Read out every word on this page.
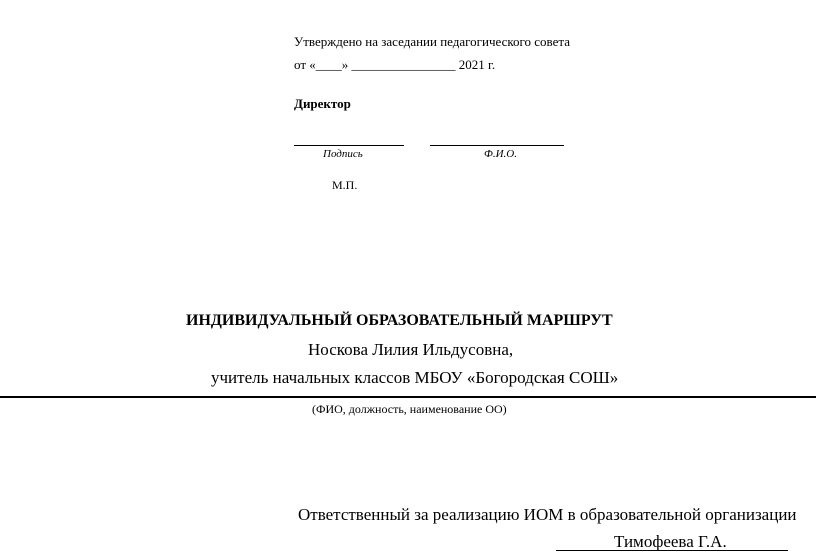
Утверждено на заседании педагогического совета
от «____» ________________ 2021 г.
Директор
Подпись	Ф.И.О.
М.П.
ИНДИВИДУАЛЬНЫЙ ОБРАЗОВАТЕЛЬНЫЙ МАРШРУТ
Носкова Лилия Ильдусовна,
учитель начальных классов МБОУ «Богородская СОШ»
(ФИО, должность, наименование ОО)
Ответственный за реализацию ИОМ в образовательной организации
Тимофеева Г.А.
